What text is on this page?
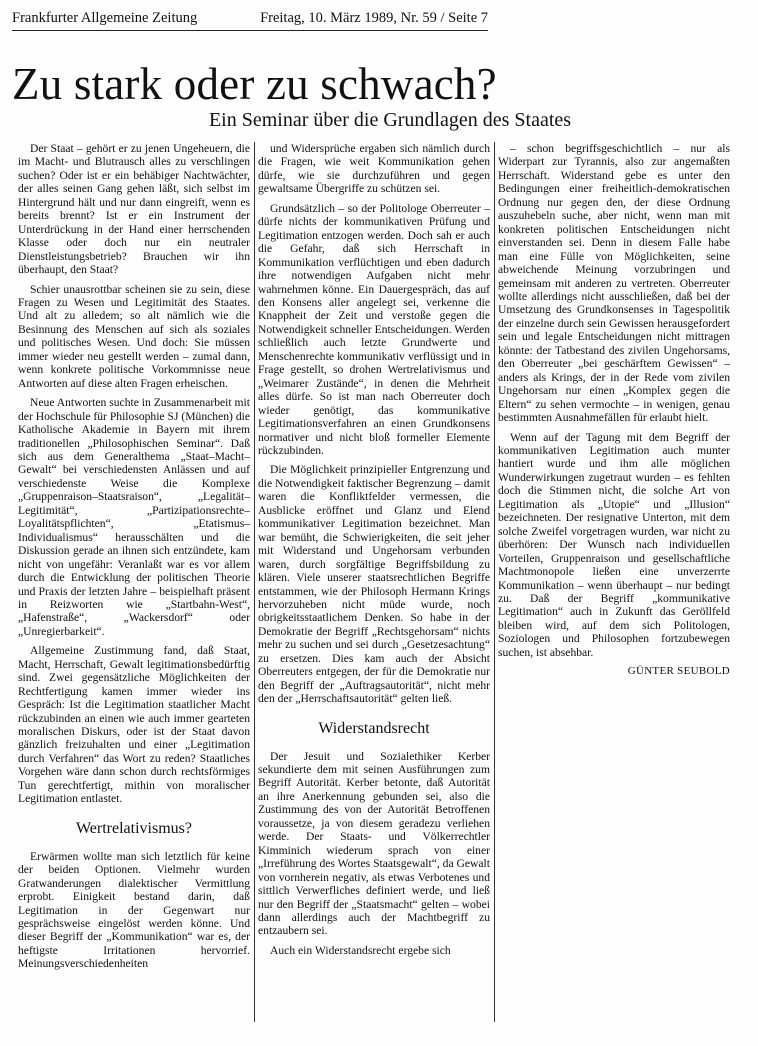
Frankfurter Allgemeine Zeitung	Freitag, 10. März 1989, Nr. 59 / Seite 7
Zu stark oder zu schwach?
Ein Seminar über die Grundlagen des Staates

Der Staat – gehört er zu jenen Ungeheuern, die im Macht- und Blutrausch alles zu verschlingen suchen? Oder ist er ein behäbiger Nachtwächter, der alles seinen Gang gehen läßt, sich selbst im Hintergrund hält und nur dann eingreift, wenn es bereits brennt? Ist er ein Instrument der Unterdrückung in der Hand einer herrschenden Klasse oder doch nur ein neutraler Dienstleistungsbetrieb? Brauchen wir ihn überhaupt, den Staat?

Schier unausrottbar scheinen sie zu sein, diese Fragen zu Wesen und Legitimität des Staates. Und alt zu alledem; so alt nämlich wie die Besinnung des Menschen auf sich als soziales und politisches Wesen. Und doch: Sie müssen immer wieder neu gestellt werden – zumal dann, wenn konkrete politische Vorkommnisse neue Antworten auf diese alten Fragen erheischen.

Neue Antworten suchte in Zusammenarbeit mit der Hochschule für Philosophie SJ (München) die Katholische Akademie in Bayern mit ihrem traditionellen „Philosophischen Seminar“. Daß sich aus dem Generalthema „Staat–Macht–Gewalt“ bei verschiedensten Anlässen und auf verschiedenste Weise die Komplexe „Gruppenraison–Staatsraison“, „Legalität–Legitimität“, „Partizipationsrechte–Loyalitätspflichten“, „Etatismus–Individualismus“ herausschälten und die Diskussion gerade an ihnen sich entzündete, kam nicht von ungefähr: Veranlaßt war es vor allem durch die Entwicklung der politischen Theorie und Praxis der letzten Jahre – beispielhaft präsent in Reizworten wie „Startbahn-West“, „Hafenstraße“, „Wackersdorf“ oder „Unregierbarkeit“.

Allgemeine Zustimmung fand, daß Staat, Macht, Herrschaft, Gewalt legitimationsbedürftig sind. Zwei gegensätzliche Möglichkeiten der Rechtfertigung kamen immer wieder ins Gespräch: Ist die Legitimation staatlicher Macht rückzubinden an einen wie auch immer gearteten moralischen Diskurs, oder ist der Staat davon gänzlich freizuhalten und einer „Legitimation durch Verfahren“ das Wort zu reden? Staatliches Vorgehen wäre dann schon durch rechtsförmiges Tun gerechtfertigt, mithin von moralischer Legitimation entlastet.

Wertrelativismus?

Erwärmen wollte man sich letztlich für keine der beiden Optionen. Vielmehr wurden Gratwanderungen dialektischer Vermittlung erprobt. Einigkeit bestand darin, daß Legitimation in der Gegenwart nur gesprächsweise eingelöst werden könne. Und dieser Begriff der „Kommunikation“ war es, der heftigste Irritationen hervorrief. Meinungsverschiedenheiten

und Widersprüche ergaben sich nämlich durch die Fragen, wie weit Kommunikation gehen dürfe, wie sie durchzuführen und gegen gewaltsame Übergriffe zu schützen sei.

Grundsätzlich – so der Politologe Oberreuter – dürfe nichts der kommunikativen Prüfung und Legitimation entzogen werden. Doch sah er auch die Gefahr, daß sich Herrschaft in Kommunikation verflüchtigen und eben dadurch ihre notwendigen Aufgaben nicht mehr wahrnehmen könne. Ein Dauergespräch, das auf den Konsens aller angelegt sei, verkenne die Knappheit der Zeit und verstoße gegen die Notwendigkeit schneller Entscheidungen. Werden schließlich auch letzte Grundwerte und Menschenrechte kommunikativ verflüssigt und in Frage gestellt, so drohen Wertrelativismus und „Weimarer Zustände“, in denen die Mehrheit alles dürfe. So ist man nach Oberreuter doch wieder genötigt, das kommunikative Legitimationsverfahren an einen Grundkonsens normativer und nicht bloß formeller Elemente rückzubinden.

Die Möglichkeit prinzipieller Entgrenzung und die Notwendigkeit faktischer Begrenzung – damit waren die Konfliktfelder vermessen, die Ausblicke eröffnet und Glanz und Elend kommunikativer Legitimation bezeichnet. Man war bemüht, die Schwierigkeiten, die seit jeher mit Widerstand und Ungehorsam verbunden waren, durch sorgfältige Begriffsbildung zu klären. Viele unserer staatsrechtlichen Begriffe entstammen, wie der Philosoph Hermann Krings hervorzuheben nicht müde wurde, noch obrigkeitsstaatlichem Denken. So habe in der Demokratie der Begriff „Rechtsgehorsam“ nichts mehr zu suchen und sei durch „Gesetzesachtung“ zu ersetzen. Dies kam auch der Absicht Oberreuters entgegen, der für die Demokratie nur den Begriff der „Auftragsautorität“, nicht mehr den der „Herrschaftsautorität“ gelten ließ.

Widerstandsrecht

Der Jesuit und Sozialethiker Kerber sekundierte dem mit seinen Ausführungen zum Begriff Autorität. Kerber betonte, daß Autorität an ihre Anerkennung gebunden sei, also die Zustimmung des von der Autorität Betroffenen voraussetze, ja von diesem geradezu verliehen werde. Der Staats- und Völkerrechtler Kimminich wiederum sprach von einer „Irreführung des Wortes Staatsgewalt“, da Gewalt von vornherein negativ, als etwas Verbotenes und sittlich Verwerfliches definiert werde, und ließ nur den Begriff der „Staatsmacht“ gelten – wobei dann allerdings auch der Machtbegriff zu entzaubern sei.

Auch ein Widerstandsrecht ergebe sich

– schon begriffsgeschichtlich – nur als Widerpart zur Tyrannis, also zur angemaßten Herrschaft. Widerstand gebe es unter den Bedingungen einer freiheitlich-demokratischen Ordnung nur gegen den, der diese Ordnung auszuhebeln suche, aber nicht, wenn man mit konkreten politischen Entscheidungen nicht einverstanden sei. Denn in diesem Falle habe man eine Fülle von Möglichkeiten, seine abweichende Meinung vorzubringen und gemeinsam mit anderen zu vertreten. Oberreuter wollte allerdings nicht ausschließen, daß bei der Umsetzung des Grundkonsenses in Tagespolitik der einzelne durch sein Gewissen herausgefordert sein und legale Entscheidungen nicht mittragen könnte: der Tatbestand des zivilen Ungehorsams, den Oberreuter „bei geschärftem Gewissen“ – anders als Krings, der in der Rede vom zivilen Ungehorsam nur einen „Komplex gegen die Eltern“ zu sehen vermochte – in wenigen, genau bestimmten Ausnahmefällen für erlaubt hielt.

Wenn auf der Tagung mit dem Begriff der kommunikativen Legitimation auch munter hantiert wurde und ihm alle möglichen Wunderwirkungen zugetraut wurden – es fehlten doch die Stimmen nicht, die solche Art von Legitimation als „Utopie“ und „Illusion“ bezeichneten. Der resignative Unterton, mit dem solche Zweifel vorgetragen wurden, war nicht zu überhören: Der Wunsch nach individuellen Vorteilen, Gruppenraison und gesellschaftliche Machtmonopole ließen eine unverzerrte Kommunikation – wenn überhaupt – nur bedingt zu. Daß der Begriff „kommunikative Legitimation“ auch in Zukunft das Geröllfeld bleiben wird, auf dem sich Politologen, Soziologen und Philosophen fortzubewegen suchen, ist absehbar.

GÜNTER SEUBOLD
